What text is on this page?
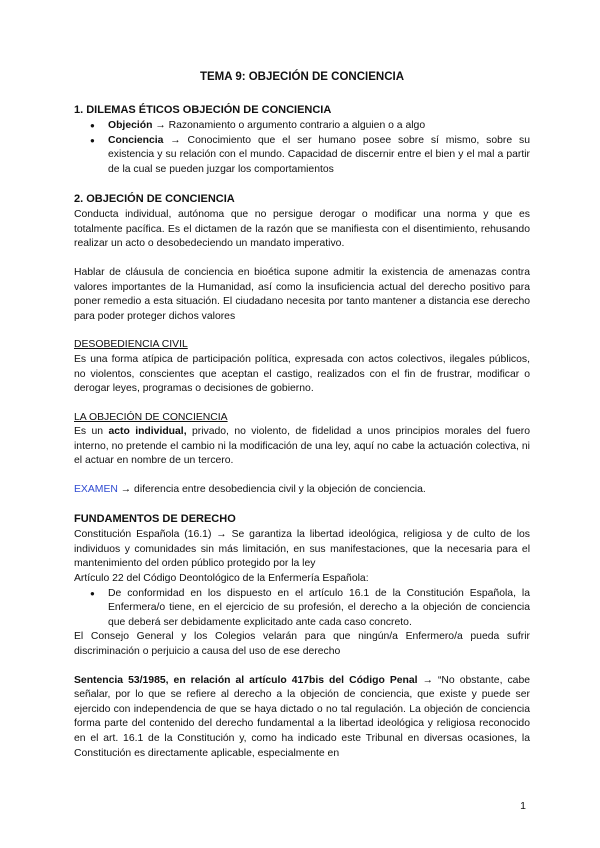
TEMA 9: OBJECIÓN DE CONCIENCIA
1. DILEMAS ÉTICOS OBJECIÓN DE CONCIENCIA
● Objeción → Razonamiento o argumento contrario a alguien o a algo
● Conciencia → Conocimiento que el ser humano posee sobre sí mismo, sobre su existencia y su relación con el mundo. Capacidad de discernir entre el bien y el mal a partir de la cual se pueden juzgar los comportamientos
2. OBJECIÓN DE CONCIENCIA

Conducta individual, autónoma que no persigue derogar o modificar una norma y que es totalmente pacífica. Es el dictamen de la razón que se manifiesta con el disentimiento, rehusando realizar un acto o desobedeciendo un mandato imperativo.

Hablar de cláusula de conciencia en bioética supone admitir la existencia de amenazas contra valores importantes de la Humanidad, así como la insuficiencia actual del derecho positivo para poner remedio a esta situación. El ciudadano necesita por tanto mantener a distancia ese derecho para poder proteger dichos valores

DESOBEDIENCIA CIVIL

Es una forma atípica de participación política, expresada con actos colectivos, ilegales públicos, no violentos, conscientes que aceptan el castigo, realizados con el fin de frustrar, modificar o derogar leyes, programas o decisiones de gobierno.

LA OBJECIÓN DE CONCIENCIA

Es un acto individual, privado, no violento, de fidelidad a unos principios morales del fuero interno, no pretende el cambio ni la modificación de una ley, aquí no cabe la actuación colectiva, ni el actuar en nombre de un tercero.

EXAMEN → diferencia entre desobediencia civil y la objeción de conciencia.

FUNDAMENTOS DE DERECHO

Constitución Española (16.1) → Se garantiza la libertad ideológica, religiosa y de culto de los individuos y comunidades sin más limitación, en sus manifestaciones, que la necesaria para el mantenimiento del orden público protegido por la ley

Artículo 22 del Código Deontológico de la Enfermería Española:

● De conformidad en los dispuesto en el artículo 16.1 de la Constitución Española, la Enfermera/o tiene, en el ejercicio de su profesión, el derecho a la objeción de conciencia que deberá ser debidamente explicitado ante cada caso concreto.

El Consejo General y los Colegios velarán para que ningún/a Enfermero/a pueda sufrir discriminación o perjuicio a causa del uso de ese derecho

Sentencia 53/1985, en relación al artículo 417bis del Código Penal → “No obstante, cabe señalar, por lo que se refiere al derecho a la objeción de conciencia, que existe y puede ser ejercido con independencia de que se haya dictado o no tal regulación. La objeción de conciencia forma parte del contenido del derecho fundamental a la libertad ideológica y religiosa reconocido en el art. 16.1 de la Constitución y, como ha indicado este Tribunal en diversas ocasiones, la Constitución es directamente aplicable, especialmente en

1
